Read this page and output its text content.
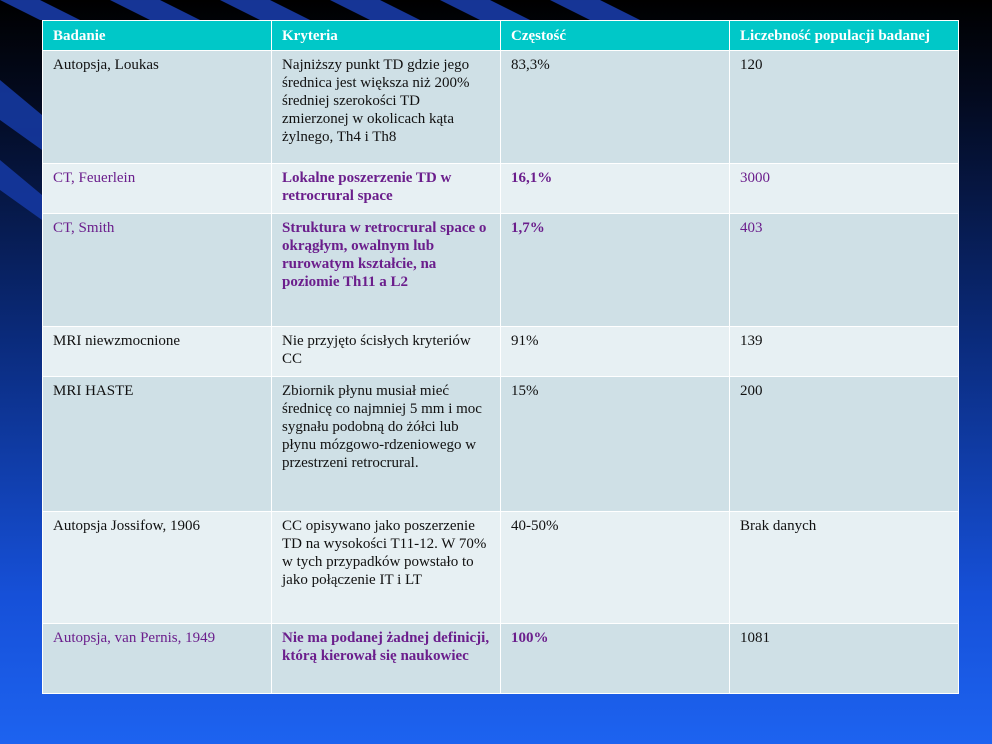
Badanie	Kryteria	Częstość	Liczebność populacji badanej
Autopsja, Loukas	Najniższy punkt TD gdzie jego średnica jest większa niż 200% średniej szerokości TD zmierzonej w okolicach kąta żylnego, Th4 i Th8	83,3%	120
CT, Feuerlein	Lokalne poszerzenie TD w retrocrural space	16,1%	3000
CT, Smith	Struktura w retrocrural space o okrągłym, owalnym lub rurowatym kształcie, na poziomie Th11 a L2	1,7%	403
MRI niewzmocnione	Nie przyjęto ścisłych kryteriów CC	91%	139
MRI HASTE	Zbiornik płynu musiał mieć średnicę co najmniej 5 mm i moc sygnału podobną do żółci lub płynu mózgowo-rdzeniowego w przestrzeni retrocrural.	15%	200
Autopsja Jossifow, 1906	CC opisywano jako poszerzenie TD na wysokości T11-12. W 70% w tych przypadków powstało to jako połączenie IT i LT	40-50%	Brak danych
Autopsja, van Pernis, 1949	Nie ma podanej żadnej definicji, którą kierował się naukowiec	100%	1081
